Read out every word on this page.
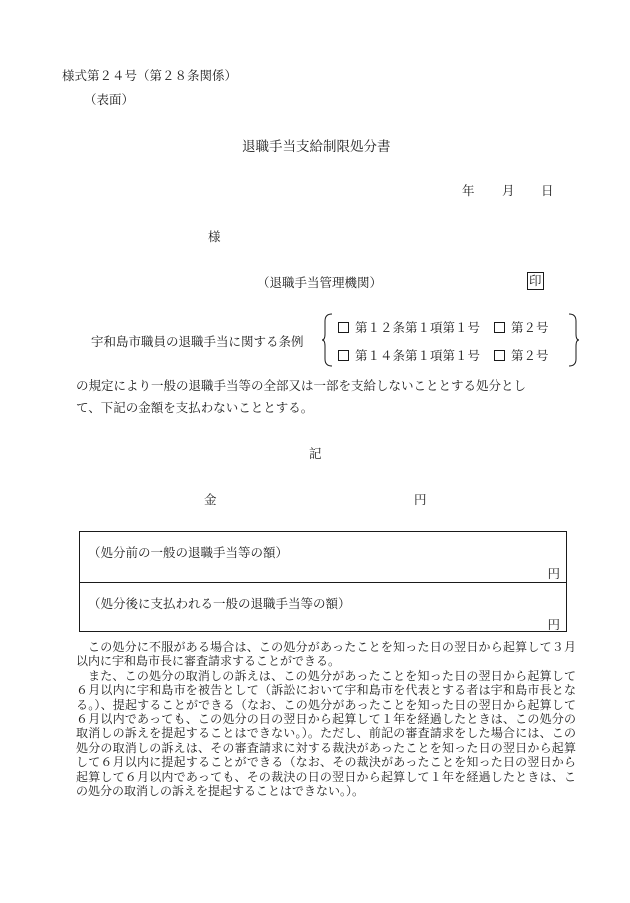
様式第２４号（第２８条関係）
（表面）
退職手当支給制限処分書
年 月 日
様
（退職手当管理機関）	印
宇和島市職員の退職手当に関する条例
第１２条第１項第１号
第２号
第１４条第１項第１号
第２号
の規定により一般の退職手当等の全部又は一部を支給しないこととする処分とし
て、下記の金額を支払わないこととする。
記
金	円
（処分前の一般の退職手当等の額）
円
（処分後に支払われる一般の退職手当等の額）
円

この処分に不服がある場合は、この処分があったことを知った日の翌日から起算して３月以内に宇和島市長に審査請求することができる。

また、この処分の取消しの訴えは、この処分があったことを知った日の翌日から起算して６月以内に宇和島市を被告として（訴訟において宇和島市を代表とする者は宇和島市長となる。）、提起することができる（なお、この処分があったことを知った日の翌日から起算して６月以内であっても、この処分の日の翌日から起算して１年を経過したときは、この処分の取消しの訴えを提起することはできない。）。ただし、前記の審査請求をした場合には、この処分の取消しの訴えは、その審査請求に対する裁決があったことを知った日の翌日から起算して６月以内に提起することができる（なお、その裁決があったことを知った日の翌日から起算して６月以内であっても、その裁決の日の翌日から起算して１年を経過したときは、この処分の取消しの訴えを提起することはできない。）。
